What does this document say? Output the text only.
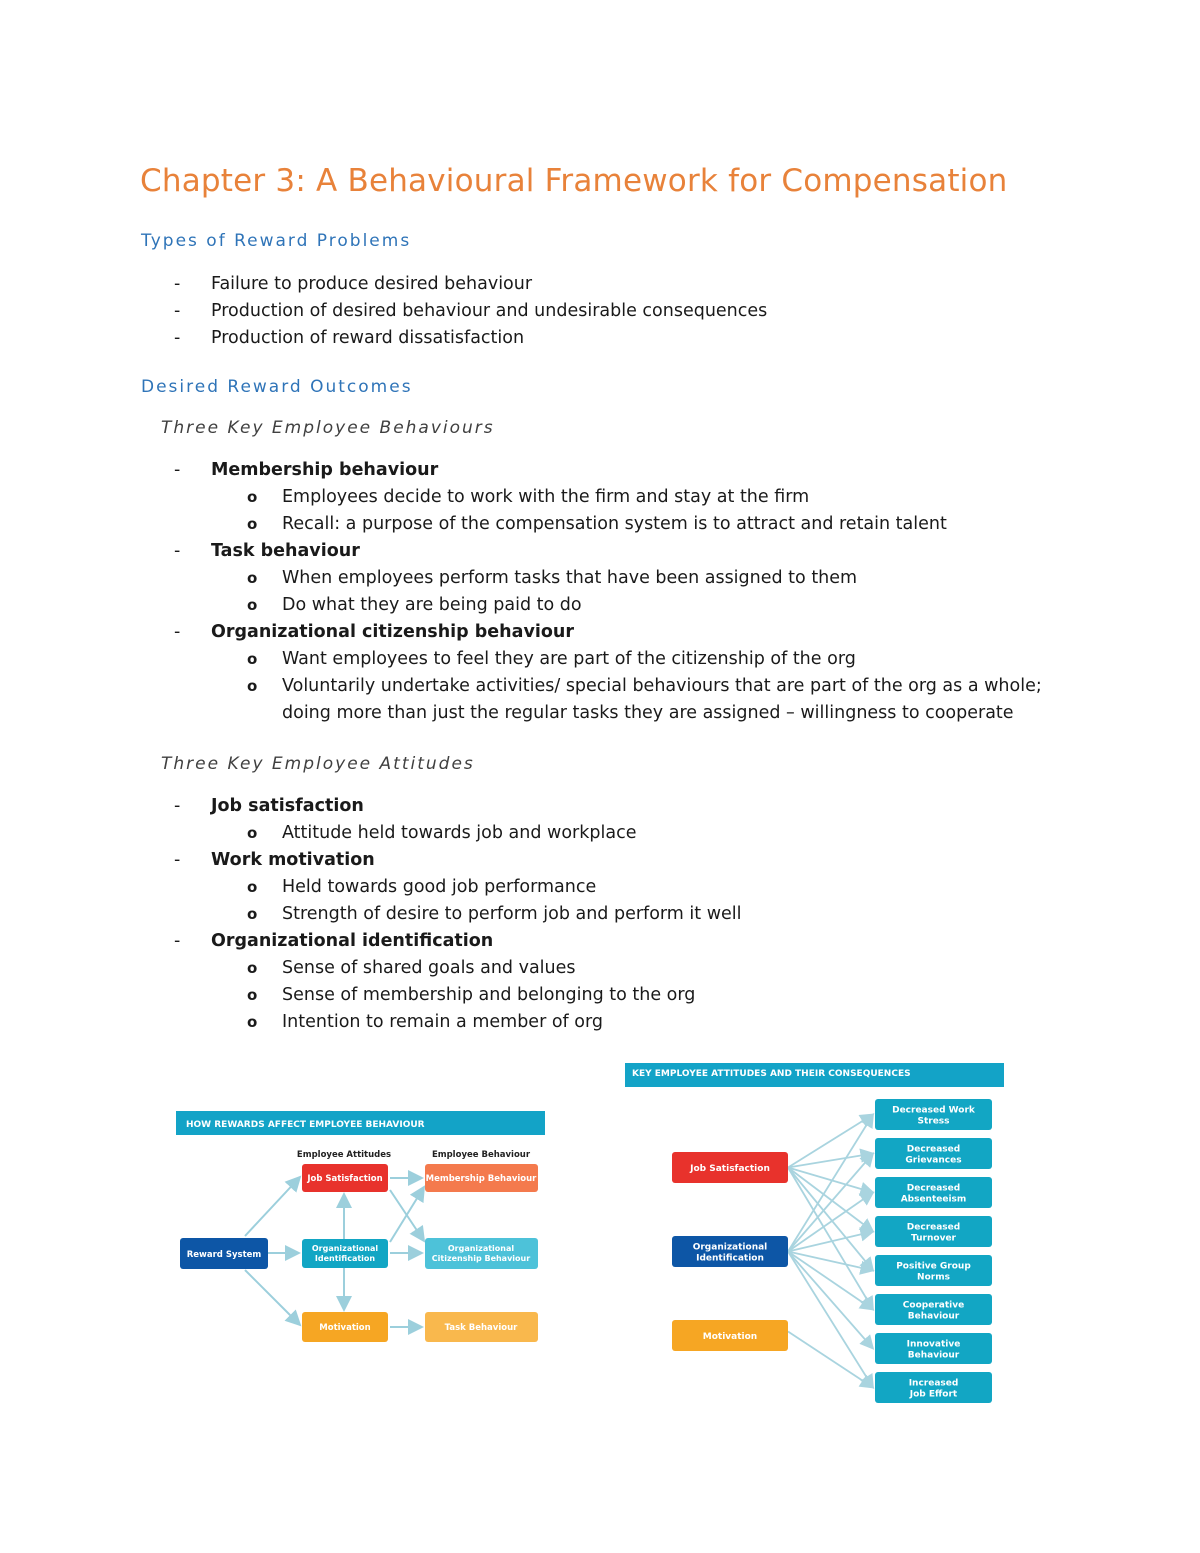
Chapter 3: A Behavioural Framework for Compensation
Types of Reward Problems
- Failure to produce desired behaviour
- Production of desired behaviour and undesirable consequences
- Production of reward dissatisfaction
Desired Reward Outcomes
Three Key Employee Behaviours
- Membership behaviour
o Employees decide to work with the firm and stay at the firm
o Recall: a purpose of the compensation system is to attract and retain talent
- Task behaviour
o When employees perform tasks that have been assigned to them
o Do what they are being paid to do
- Organizational citizenship behaviour
o Want employees to feel they are part of the citizenship of the org
o Voluntarily undertake activities/ special behaviours that are part of the org as a whole;
doing more than just the regular tasks they are assigned – willingness to cooperate
Three Key Employee Attitudes
- Job satisfaction
o Attitude held towards job and workplace
- Work motivation
o Held towards good job performance
o Strength of desire to perform job and perform it well
- Organizational identification
o Sense of shared goals and values
o Sense of membership and belonging to the org
o Intention to remain a member of org
HOW REWARDS AFFECT EMPLOYEE BEHAVIOUR
Employee Attitudes	Employee Behaviour
Reward System
Job Satisfaction
Organizational
Identification
Motivation
Membership Behaviour
Organizational
Citizenship Behaviour
Task Behaviour
KEY EMPLOYEE ATTITUDES AND THEIR CONSEQUENCES
Job Satisfaction
Organizational
Identification
Motivation
Decreased Work
Stress
Decreased
Grievances
Decreased
Absenteeism
Decreased
Turnover
Positive Group
Norms
Cooperative
Behaviour
Innovative
Behaviour
Increased
Job Effort
